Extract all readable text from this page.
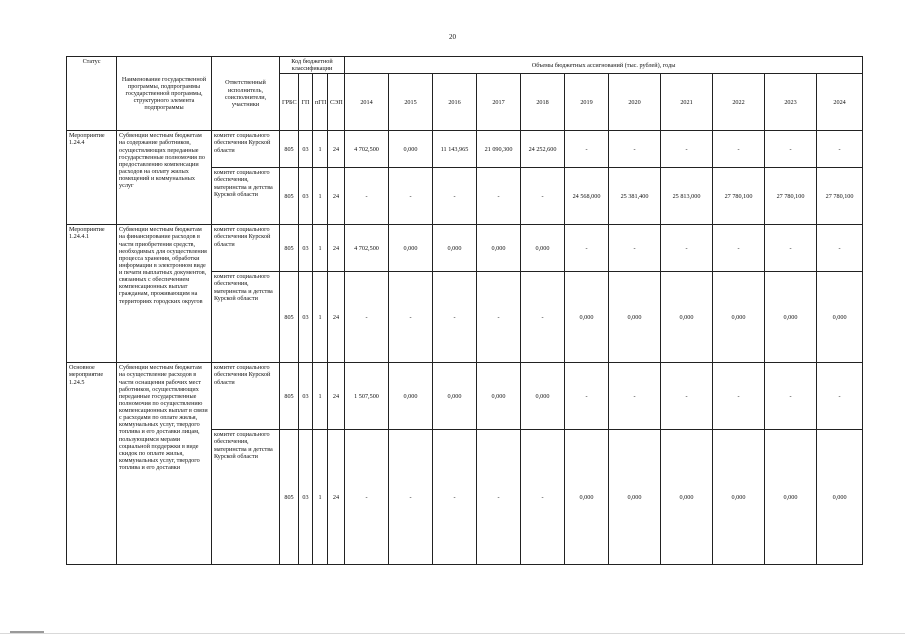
20
Статус	Наименование государственной программы, подпрограммы государственной программы, структурного элемента подпрограммы	Ответственный исполнитель, соисполнители, участники	Код бюджетной классификации				Объемы бюджетных ассигнований (тыс. рублей), годы										
			ГРБС	ГП	пГП	СЭП	2014	2015	2016	2017	2018	2019	2020	2021	2022	2023	2024
Мероприятие 1.24.4	Субвенции местным бюджетам на содержание работников, осуществляющих переданные государственные полномочия по предоставлению компенсации расходов на оплату жилых помещений и коммунальных услуг	комитет социального обеспечения Курской области	805	03	1	24	4 702,500	0,000	11 143,965	21 090,300	24 252,600	-	-	-	-	-	-
		комитет социального обеспечения, материнства и детства Курской области	805	03	1	24	-	-	-	-	-	24 568,000	25 381,400	25 813,000	27 780,100	27 780,100	27 780,100
Мероприятие 1.24.4.1	Субвенции местным бюджетам на финансирование расходов в части приобретения средств, необходимых для осуществления процесса хранения, обработки информации в электронном виде и печати выплатных документов, связанных с обеспечением компенсационных выплат гражданам, проживающим на территориях городских округов	комитет социального обеспечения Курской области	805	03	1	24	4 702,500	0,000	0,000	0,000	0,000	-	-	-	-	-	-
		комитет социального обеспечения, материнства и детства Курской области	805	03	1	24	-	-	-	-	-	0,000	0,000	0,000	0,000	0,000	0,000
Основное мероприятие 1.24.5	Субвенции местным бюджетам на осуществление расходов в части оснащения рабочих мест работников, осуществляющих переданные государственные полномочия по осуществлению компенсационных выплат в связи с расходами по оплате жилья, коммунальных услуг, твердого топлива и его доставки лицам, пользующимся мерами социальной поддержки в виде скидок по оплате жилья, коммунальных услуг, твердого топлива и его доставки	комитет социального обеспечения Курской области	805	03	1	24	1 507,500	0,000	0,000	0,000	0,000	-	-	-	-	-	-
		комитет социального обеспечения, материнства и детства Курской области	805	03	1	24	-	-	-	-	-	0,000	0,000	0,000	0,000	0,000	0,000
